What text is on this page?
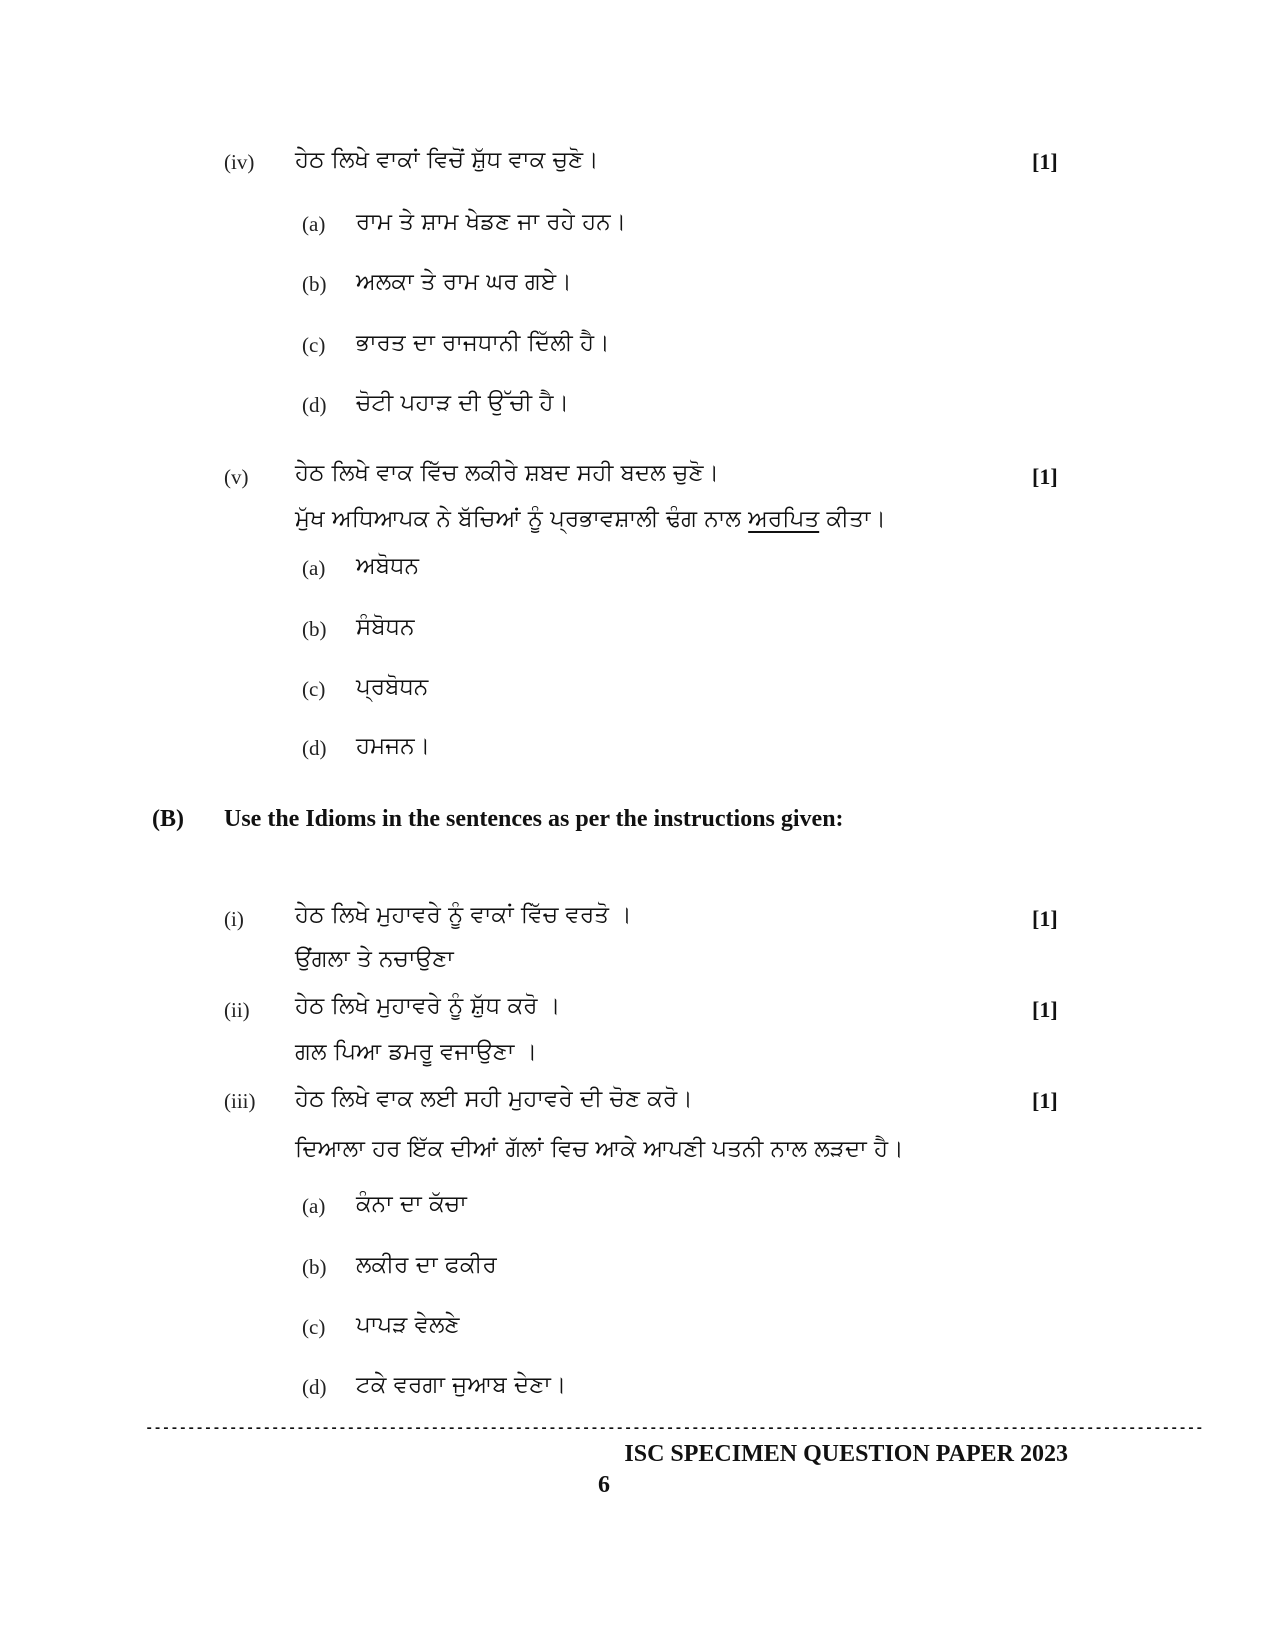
(iv) ਹੇਠ ਲਿਖੇ ਵਾਕਾਂ ਵਿਚੋਂ ਸ਼ੁੱਧ ਵਾਕ ਚੁਣੋ।	[1]
(a) ਰਾਮ ਤੇ ਸ਼ਾਮ ਖੇਡਣ ਜਾ ਰਹੇ ਹਨ।
(b) ਅਲਕਾ ਤੇ ਰਾਮ ਘਰ ਗਏ।
(c) ਭਾਰਤ ਦਾ ਰਾਜਧਾਨੀ ਦਿੱਲੀ ਹੈ।
(d) ਚੋਟੀ ਪਹਾੜ ਦੀ ਉੱਚੀ ਹੈ।
(v) ਹੇਠ ਲਿਖੇ ਵਾਕ ਵਿੱਚ ਲਕੀਰੇ ਸ਼ਬਦ ਸਹੀ ਬਦਲ ਚੁਣੋ।	[1]
ਮੁੱਖ ਅਧਿਆਪਕ ਨੇ ਬੱਚਿਆਂ ਨੂੰ ਪ੍ਰਭਾਵਸ਼ਾਲੀ ਢੰਗ ਨਾਲ ਅਰਪਿਤ ਕੀਤਾ।
(a) ਅਬੋਧਨ
(b) ਸੰਬੋਧਨ
(c) ਪ੍ਰਬੋਧਨ
(d) ਹਮਜਨ।
(B) Use the Idioms in the sentences as per the instructions given:
(i) ਹੇਠ ਲਿਖੇ ਮੁਹਾਵਰੇ ਨੂੰ ਵਾਕਾਂ ਵਿੱਚ ਵਰਤੋ ।	[1]
ਉਂਗਲਾ ਤੇ ਨਚਾਉਣਾ
(ii) ਹੇਠ ਲਿਖੇ ਮੁਹਾਵਰੇ ਨੂੰ ਸ਼ੁੱਧ ਕਰੋ ।	[1]
ਗਲ ਪਿਆ ਡਮਰੂ ਵਜਾਉਣਾ ।
(iii) ਹੇਠ ਲਿਖੇ ਵਾਕ ਲਈ ਸਹੀ ਮੁਹਾਵਰੇ ਦੀ ਚੋਣ ਕਰੋ।	[1]
ਦਿਆਲਾ ਹਰ ਇੱਕ ਦੀਆਂ ਗੱਲਾਂ ਵਿਚ ਆਕੇ ਆਪਣੀ ਪਤਨੀ ਨਾਲ ਲੜਦਾ ਹੈ।
(a) ਕੰਨਾ ਦਾ ਕੱਚਾ
(b) ਲਕੀਰ ਦਾ ਫਕੀਰ
(c) ਪਾਪੜ ਵੇਲਣੇ
(d) ਟਕੇ ਵਰਗਾ ਜੁਆਬ ਦੇਣਾ।
------------------------------------------------------------------------------------------------------------------------------
ISC SPECIMEN QUESTION PAPER 2023
6
